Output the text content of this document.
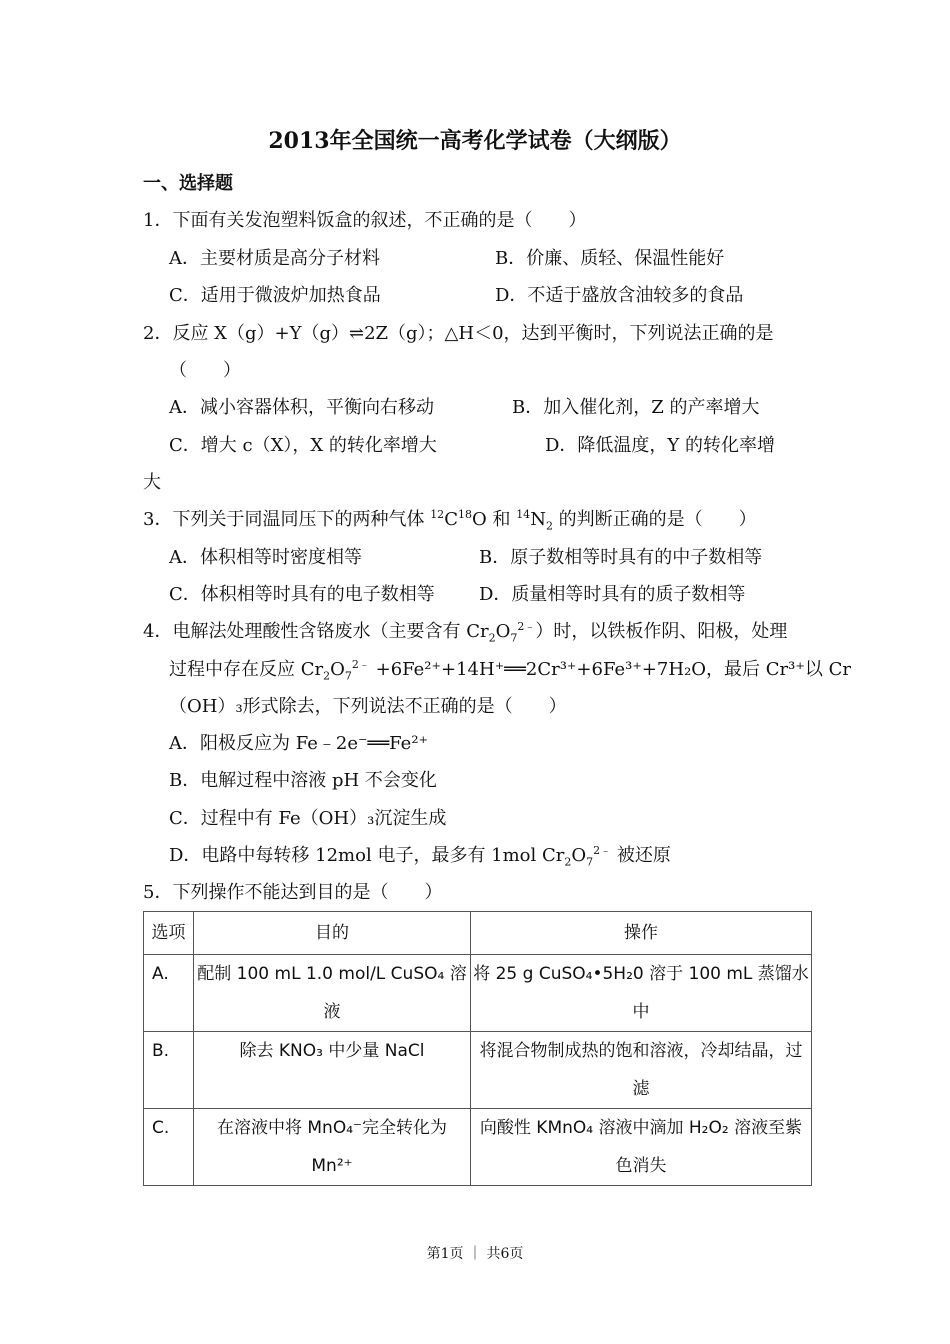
2013年全国统一高考化学试卷（大纲版）
一、选择题
1．下面有关发泡塑料饭盒的叙述，不正确的是（　　）
A．主要材质是高分子材料	B．价廉、质轻、保温性能好
C．适用于微波炉加热食品	D．不适于盛放含油较多的食品
2．反应 X（g）+Y（g）⇌2Z（g）；△H＜0，达到平衡时，下列说法正确的是
（　　）
A．减小容器体积，平衡向右移动	B．加入催化剂，Z 的产率增大
C．增大 c（X），X 的转化率增大	D．降低温度，Y 的转化率增
大
3．下列关于同温同压下的两种气体 $^{12}C^{18}O$ 和 $^{14}N_2$ 的判断正确的是（　　）
A．体积相等时密度相等	B．原子数相等时具有的中子数相等
C．体积相等时具有的电子数相等 D．质量相等时具有的质子数相等
4．电解法处理酸性含铬废水（主要含有 $Cr_2O_7^{2﹣}$）时，以铁板作阴、阳极，处理
过程中存在反应 $Cr_2O_7^{2﹣}$ +6Fe²⁺+14H⁺══2Cr³⁺+6Fe³⁺+7H₂O，最后 Cr³⁺以 Cr
（OH）₃形式除去，下列说法不正确的是（　　）
A．阳极反应为 Fe﹣2e⁻══Fe²⁺
B．电解过程中溶液 pH 不会变化
C．过程中有 Fe（OH）₃沉淀生成
D．电路中每转移 12mol 电子，最多有 1mol $Cr_2O_7^{2﹣}$ 被还原
5．下列操作不能达到目的是（　　）
选项	目的	操作
A.	配制 100 mL 1.0 mol/L CuSO₄ 溶液	将 25 g CuSO₄•5H₂0 溶于 100 mL 蒸馏水中
B.	除去 KNO₃ 中少量 NaCl	将混合物制成热的饱和溶液，冷却结晶，过滤
C.	在溶液中将 MnO₄⁻完全转化为 Mn²⁺	向酸性 KMnO₄ 溶液中滴加 H₂O₂ 溶液至紫色消失
第1页 ｜ 共6页
